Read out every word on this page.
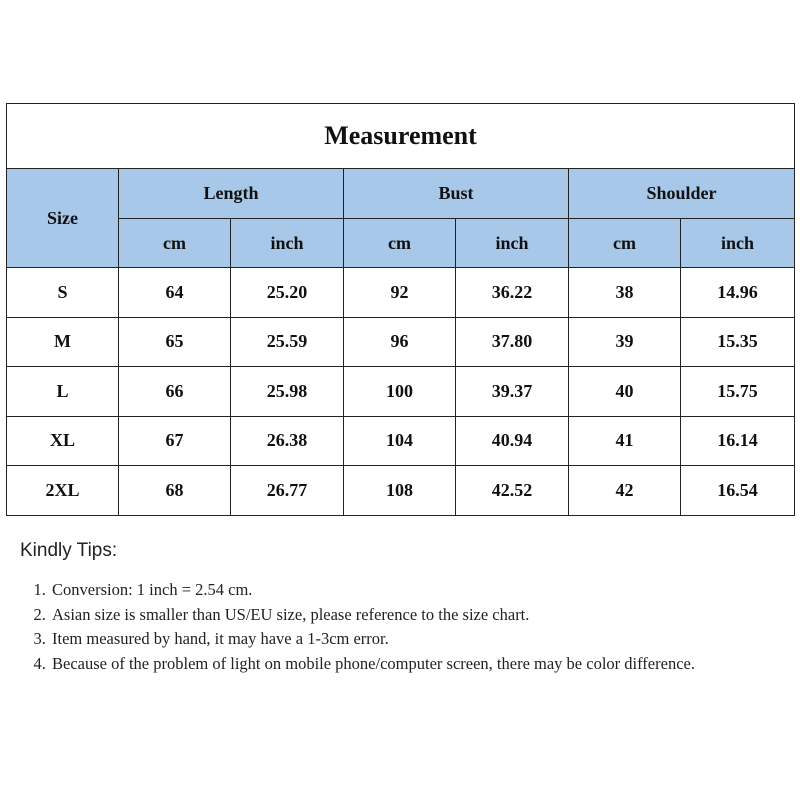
Measurement						
Size	Length		Bust		Shoulder	
	cm	inch	cm	inch	cm	inch
S	64	25.20	92	36.22	38	14.96
M	65	25.59	96	37.80	39	15.35
L	66	25.98	100	39.37	40	15.75
XL	67	26.38	104	40.94	41	16.14
2XL	68	26.77	108	42.52	42	16.54
Kindly Tips:
1. Conversion: 1 inch = 2.54 cm.
2. Asian size is smaller than US/EU size, please reference to the size chart.
3. Item measured by hand, it may have a 1-3cm error.
4. Because of the problem of light on mobile phone/computer screen, there may be color difference.
